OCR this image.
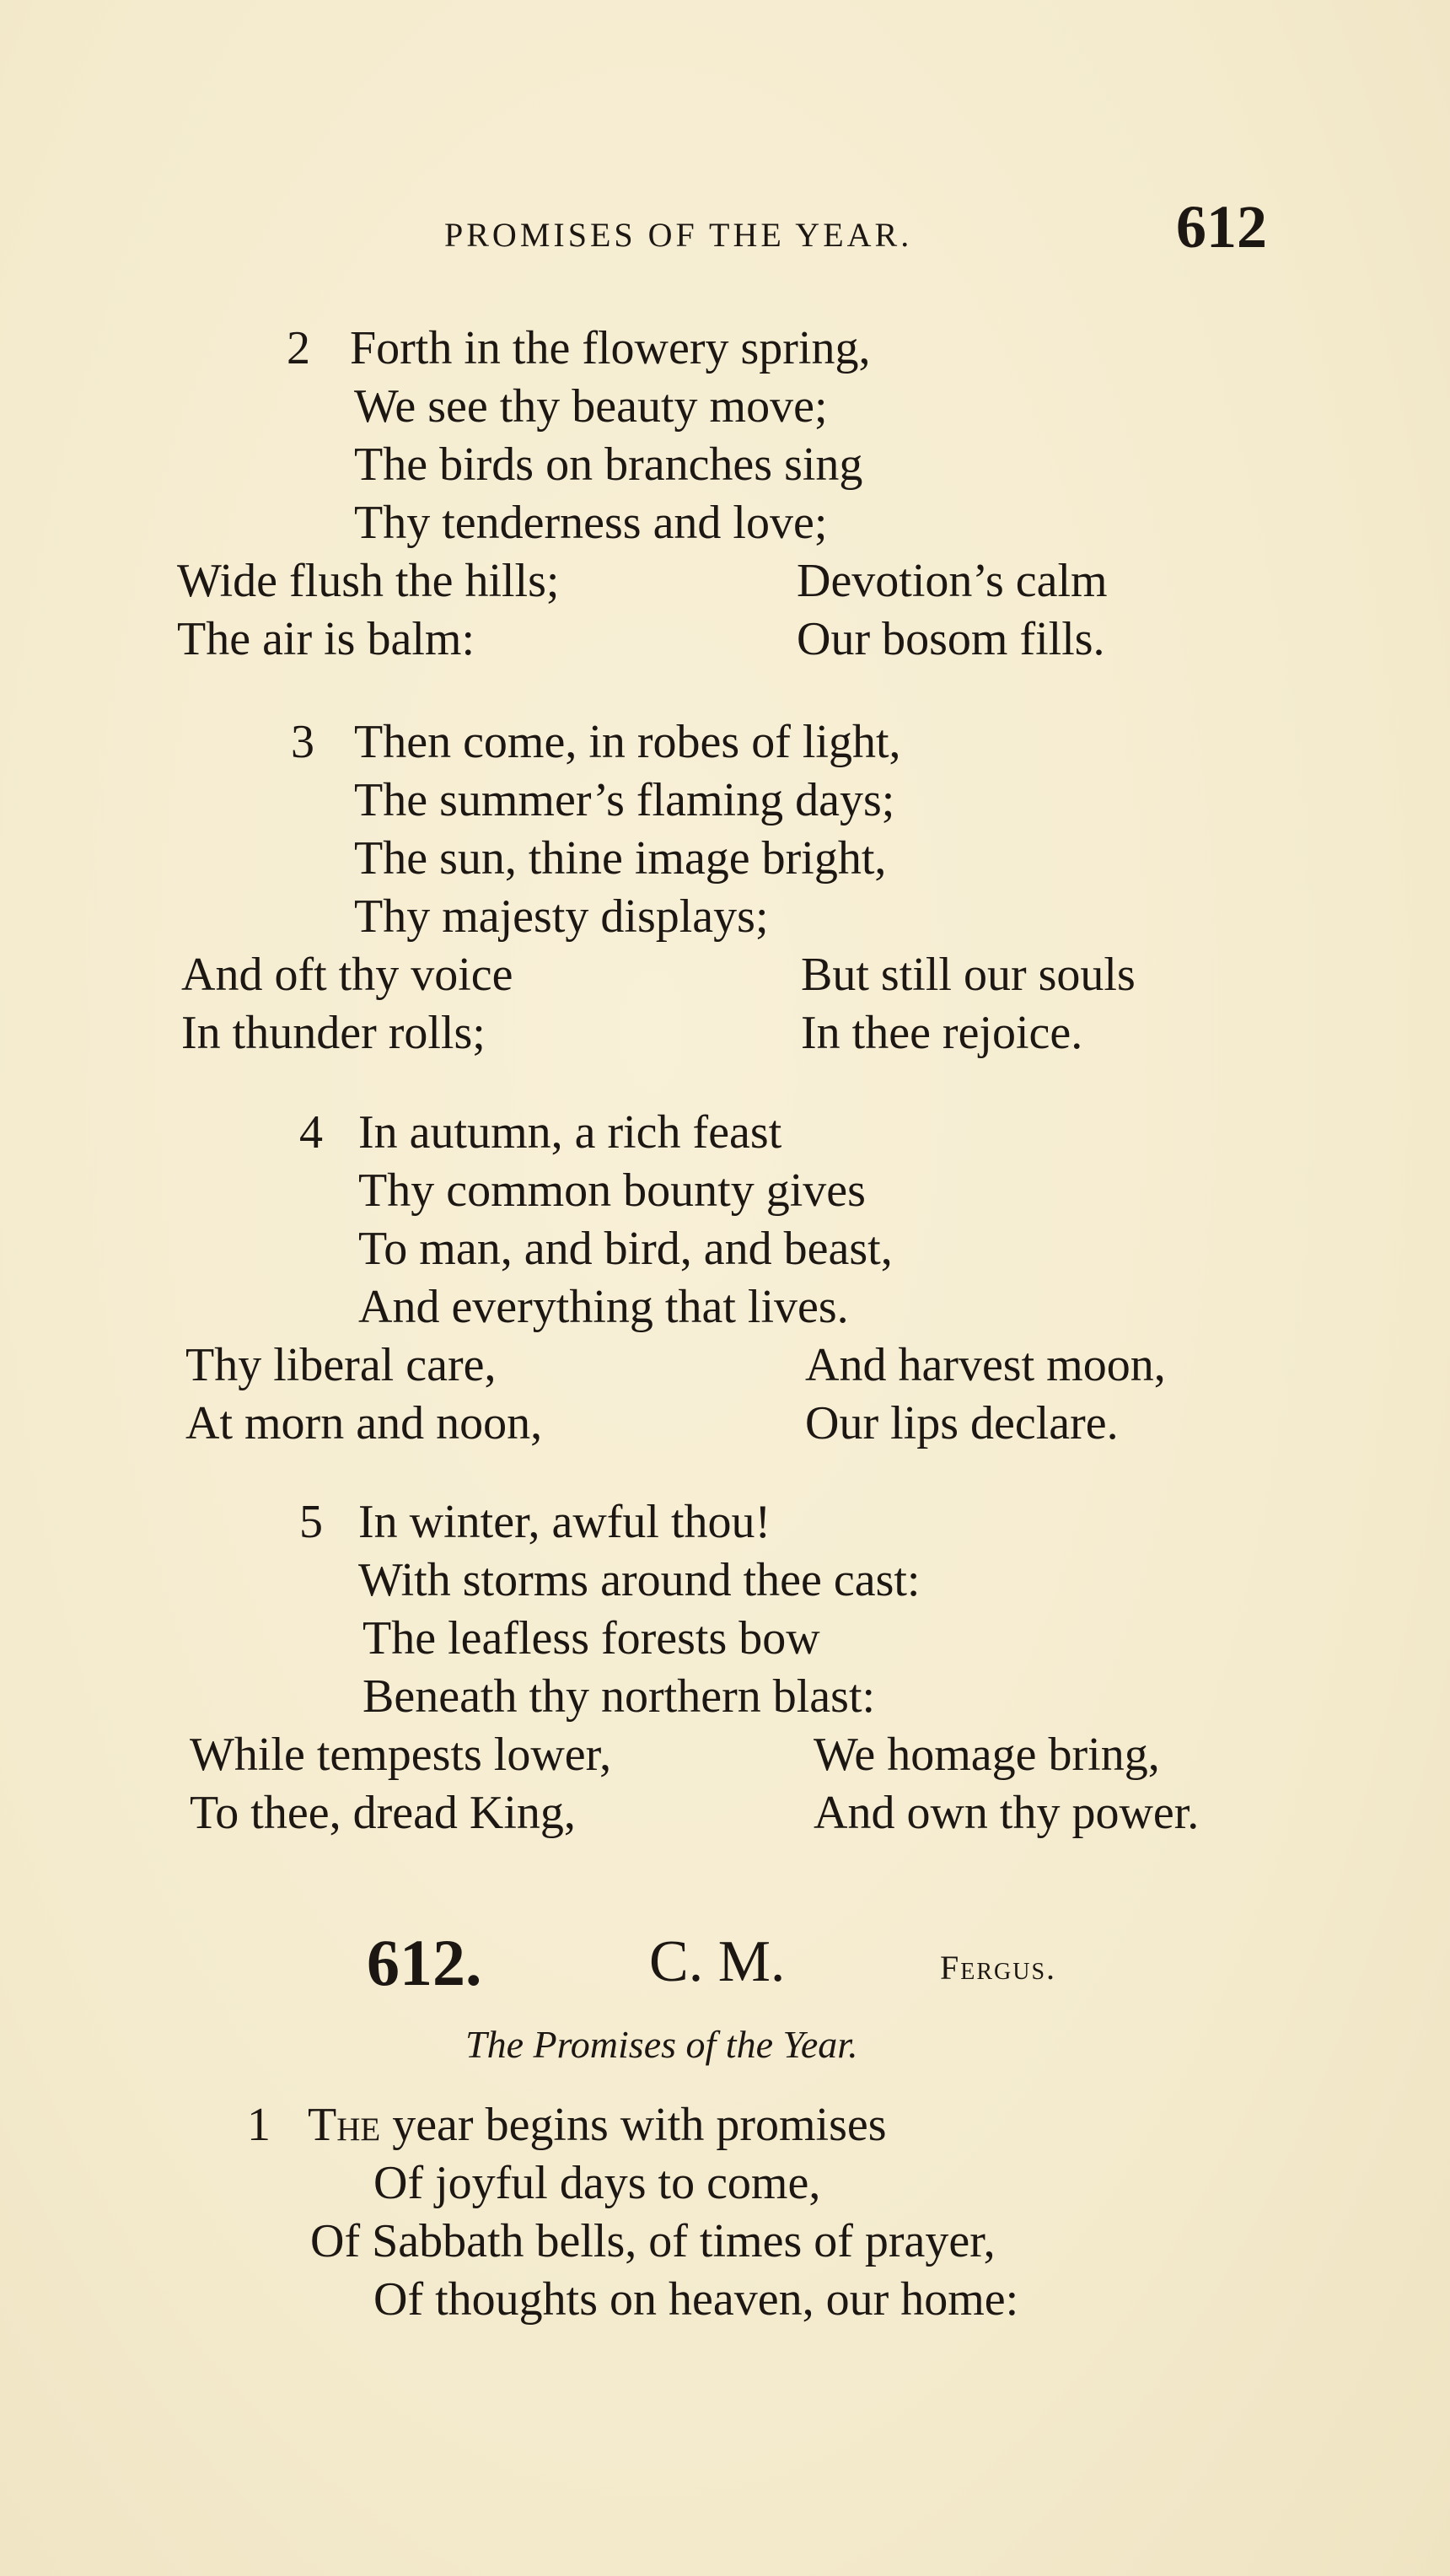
PROMISES OF THE YEAR.	612
2 Forth in the flowery spring,
We see thy beauty move;
The birds on branches sing
Thy tenderness and love;
Wide flush the hills;	Devotion’s calm
The air is balm:	Our bosom fills.
3 Then come, in robes of light,
The summer’s flaming days;
The sun, thine image bright,
Thy majesty displays;
And oft thy voice	But still our souls
In thunder rolls;	In thee rejoice.
4 In autumn, a rich feast
Thy common bounty gives
To man, and bird, and beast,
And everything that lives.
Thy liberal care,	And harvest moon,
At morn and noon,	Our lips declare.
5 In winter, awful thou!
With storms around thee cast:
The leafless forests bow
Beneath thy northern blast:
While tempests lower,	We homage bring,
To thee, dread King,	And own thy power.
612.	C. M.	Fergus.
The Promises of the Year.
1 The year begins with promises
Of joyful days to come,
Of Sabbath bells, of times of prayer,
Of thoughts on heaven, our home:
